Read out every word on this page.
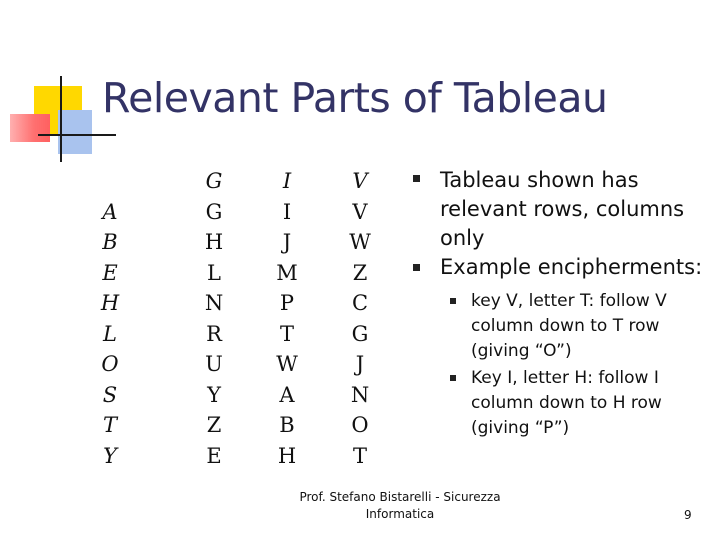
Relevant Parts of Tableau
A
B
E
H
L
O
S
T
Y
G
G
H
L
N
R
U
Y
Z
E
I
I
J
M
P
T
W
A
B
H
V
V
W
Z
C
G
J
N
O
T
Tableau shown has relevant rows, columns only
Example encipherments:
key V, letter T: follow V column down to T row (giving “O”)
Key I, letter H: follow I column down to H row (giving “P”)
Prof. Stefano Bistarelli - Sicurezza
Informatica	9
